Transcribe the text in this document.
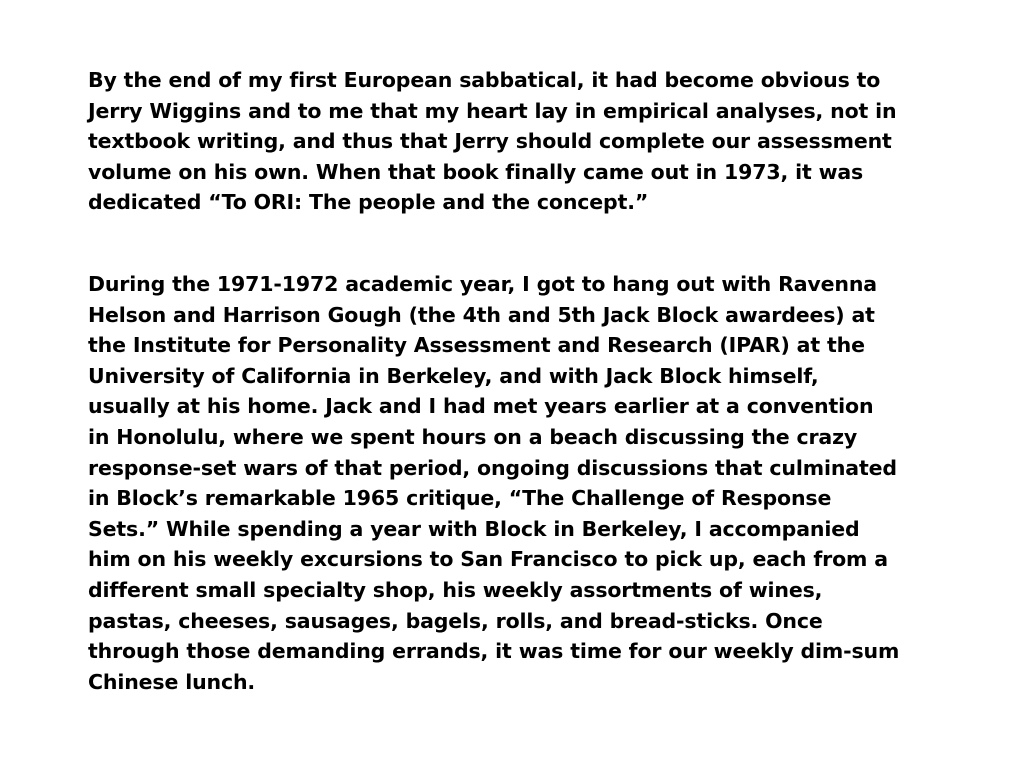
By the end of my first European sabbatical, it had become obvious to
Jerry Wiggins and to me that my heart lay in empirical analyses, not in
textbook writing, and thus that Jerry should complete our assessment
volume on his own. When that book finally came out in 1973, it was
dedicated “To ORI: The people and the concept.”

During the 1971-1972 academic year, I got to hang out with Ravenna
Helson and Harrison Gough (the 4th and 5th Jack Block awardees) at
the Institute for Personality Assessment and Research (IPAR) at the
University of California in Berkeley, and with Jack Block himself,
usually at his home. Jack and I had met years earlier at a convention
in Honolulu, where we spent hours on a beach discussing the crazy
response-set wars of that period, ongoing discussions that culminated
in Block’s remarkable 1965 critique, “The Challenge of Response
Sets.” While spending a year with Block in Berkeley, I accompanied
him on his weekly excursions to San Francisco to pick up, each from a
different small specialty shop, his weekly assortments of wines,
pastas, cheeses, sausages, bagels, rolls, and bread-sticks. Once
through those demanding errands, it was time for our weekly dim-sum
Chinese lunch.
